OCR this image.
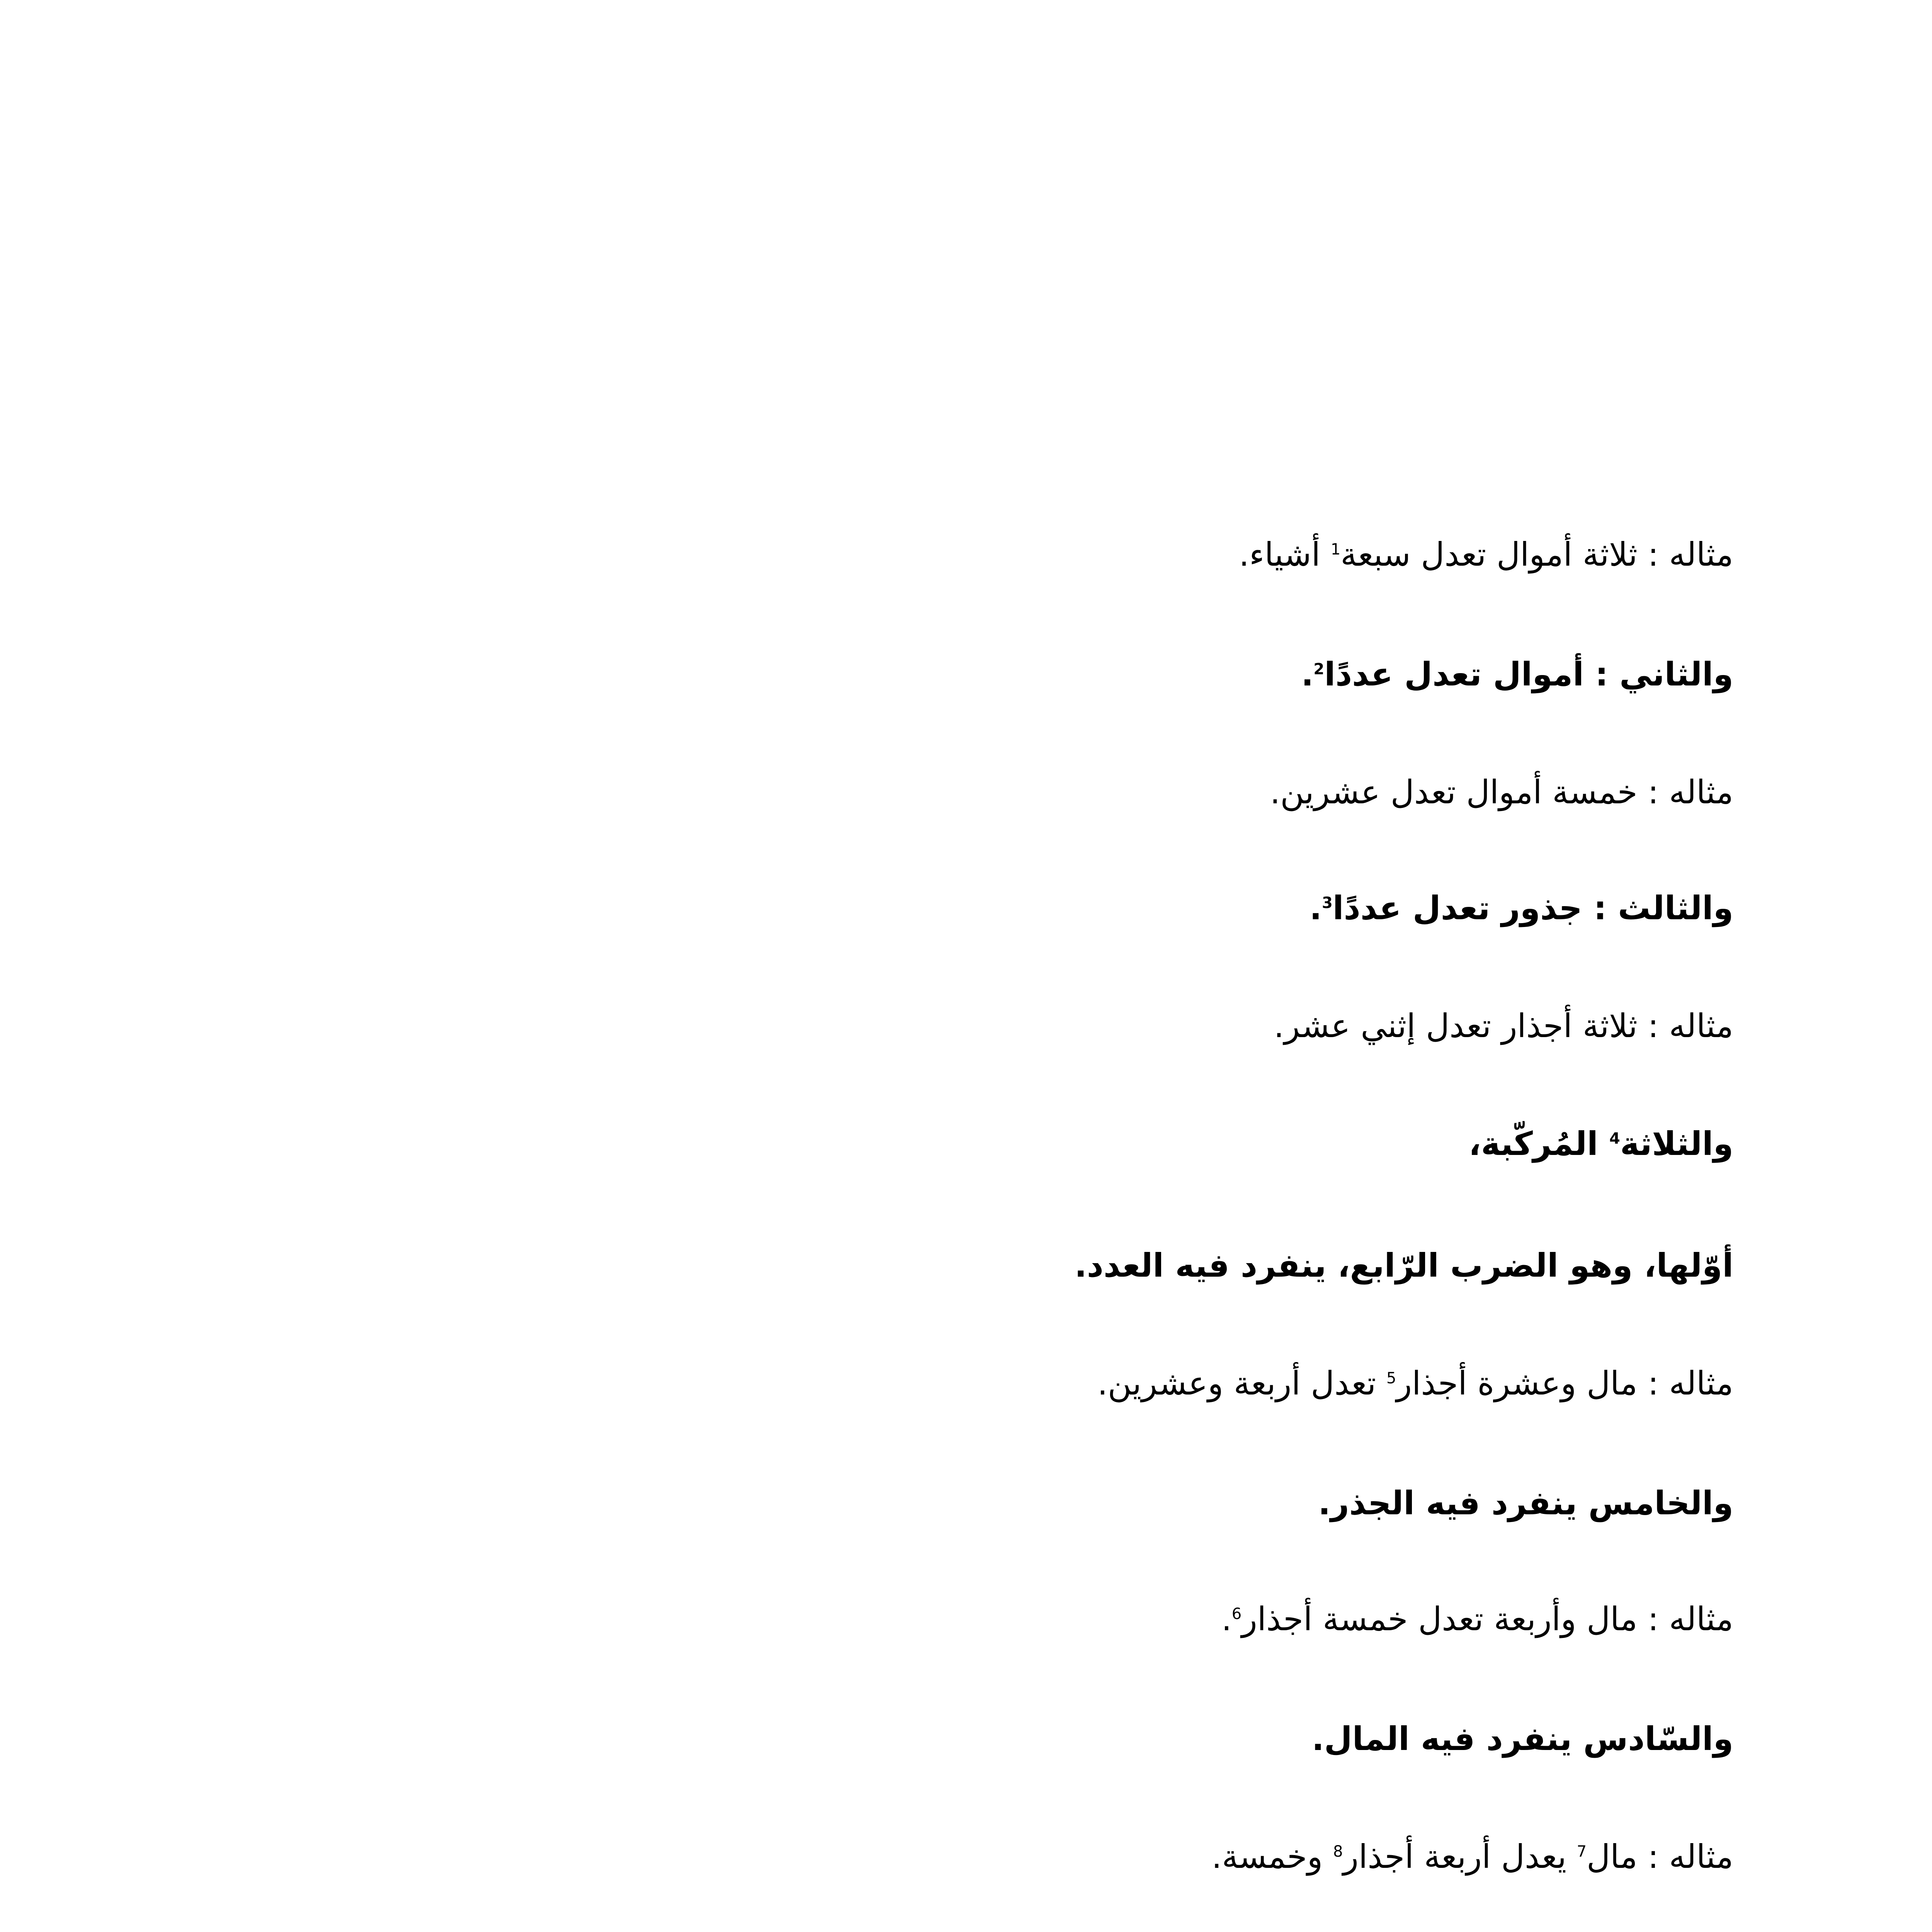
مثاله : ثلاثة أموال تعدل سبعة$^1$ أشياء.
والثاني : أموال تعدل عددًا$^2$.
مثاله : خمسة أموال تعدل عشرين.
والثالث : جذور تعدل عددًا$^3$.
مثاله : ثلاثة أجذار تعدل إثني عشر.
والثلاثة$^4$ المُركّبة،
أوّلها، وهو الضرب الرّابع، ينفرد فيه العدد.
مثاله : مال وعشرة أجذار$^5$ تعدل أربعة وعشرين.
والخامس ينفرد فيه الجذر.
مثاله : مال وأربعة تعدل خمسة أجذار$^6$.
والسّادس ينفرد فيه المال.
مثاله : مال$^7$ يعدل أربعة أجذار$^8$ وخمسة.
